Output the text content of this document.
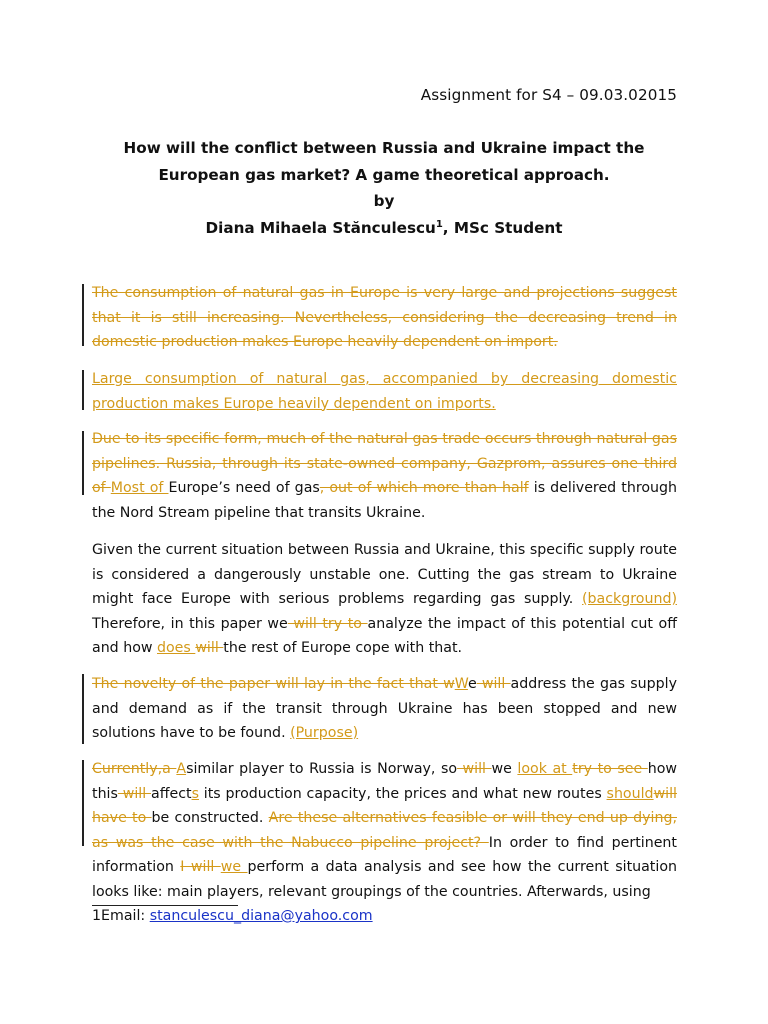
Assignment for S4 – 09.03.02015
How will the conflict between Russia and Ukraine impact the
European gas market? A game theoretical approach.
by
Diana Mihaela Stănculescu$^1$, MSc Student

The consumption of natural gas in Europe is very large and projections suggest that it is still increasing. Nevertheless, considering the decreasing trend in domestic production makes Europe heavily dependent on import.

Large consumption of natural gas, accompanied by decreasing domestic production makes Europe heavily dependent on imports.

Due to its specific form, much of the natural gas trade occurs through natural gas pipelines. Russia, through its state-owned company, Gazprom, assures one third of Most of Europe’s need of gas, out of which more than half is delivered through the Nord Stream pipeline that transits Ukraine.

Given the current situation between Russia and Ukraine, this specific supply route is considered a dangerously unstable one. Cutting the gas stream to Ukraine might face Europe with serious problems regarding gas supply. (background) Therefore, in this paper we will try to analyze the impact of this potential cut off and how does will the rest of Europe cope with that.

The novelty of the paper will lay in the fact that wWe will address the gas supply and demand as if the transit through Ukraine has been stopped and new solutions have to be found. (Purpose)

Currently,a Asimilar player to Russia is Norway, so will we look at try to see how this will affects its production capacity, the prices and what new routes shouldwill have to be constructed. Are these alternatives feasible or will they end up dying, as was the case with the Nabucco pipeline project? In order to find pertinent information I will we perform a data analysis and see how the current situation looks like: main players, relevant groupings of the countries. Afterwards, using

1Email: stanculescu_diana@yahoo.com
